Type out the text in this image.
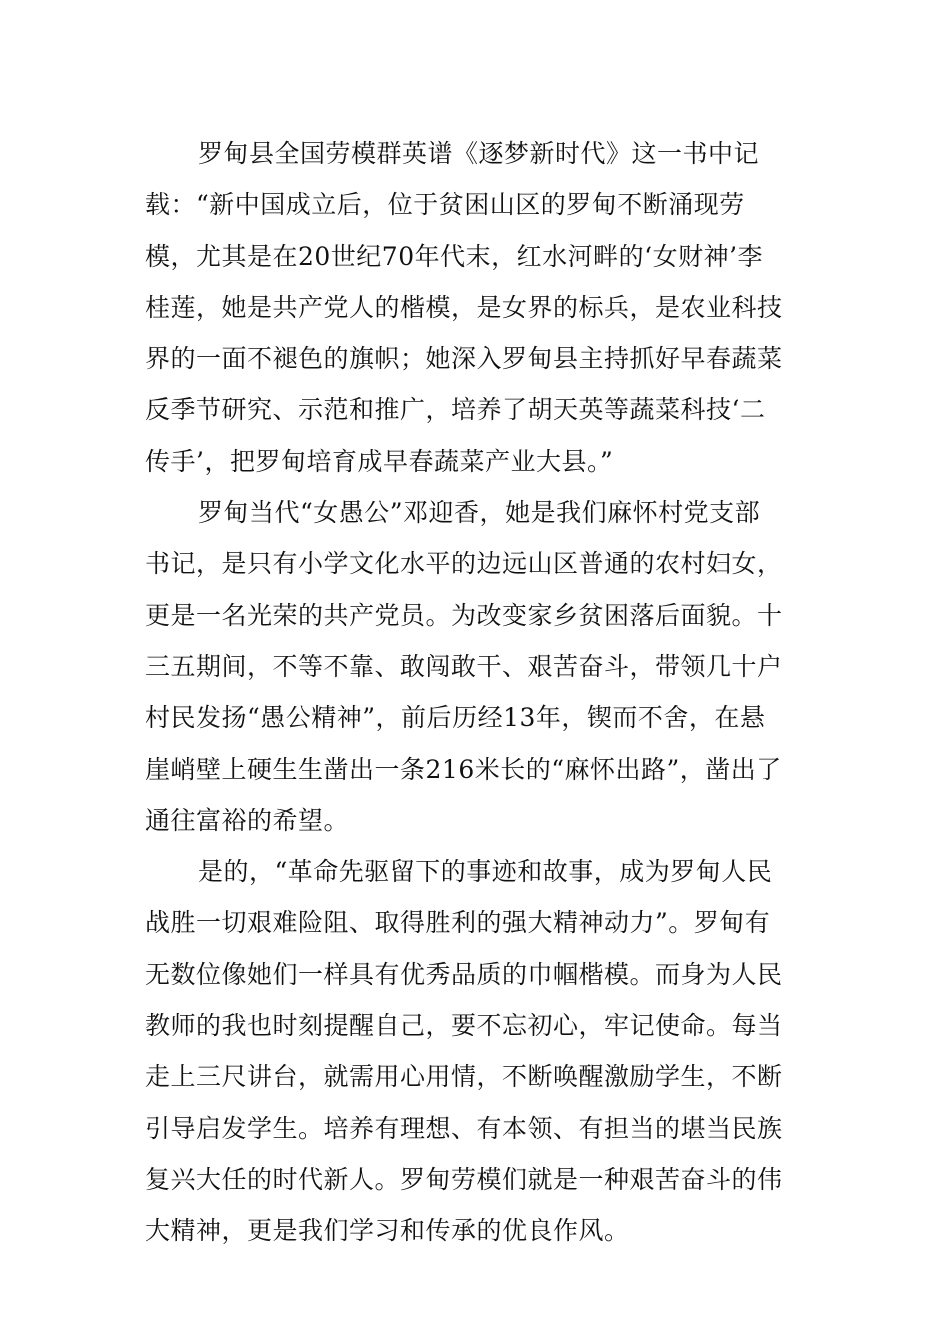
罗甸县全国劳模群英谱《逐梦新时代》这一书中记
载：“新中国成立后，位于贫困山区的罗甸不断涌现劳
模，尤其是在20世纪70年代末，红水河畔的‘女财神’李
桂莲，她是共产党人的楷模，是女界的标兵，是农业科技
界的一面不褪色的旗帜；她深入罗甸县主持抓好早春蔬菜
反季节研究、示范和推广，培养了胡天英等蔬菜科技‘二
传手’，把罗甸培育成早春蔬菜产业大县。”
罗甸当代“女愚公”邓迎香，她是我们麻怀村党支部
书记，是只有小学文化水平的边远山区普通的农村妇女，
更是一名光荣的共产党员。为改变家乡贫困落后面貌。十
三五期间，不等不靠、敢闯敢干、艰苦奋斗，带领几十户
村民发扬“愚公精神”，前后历经13年，锲而不舍，在悬
崖峭壁上硬生生凿出一条216米长的“麻怀出路”，凿出了
通往富裕的希望。
是的，“革命先驱留下的事迹和故事，成为罗甸人民
战胜一切艰难险阻、取得胜利的强大精神动力”。罗甸有
无数位像她们一样具有优秀品质的巾帼楷模。而身为人民
教师的我也时刻提醒自己，要不忘初心，牢记使命。每当
走上三尺讲台，就需用心用情，不断唤醒激励学生，不断
引导启发学生。培养有理想、有本领、有担当的堪当民族
复兴大任的时代新人。罗甸劳模们就是一种艰苦奋斗的伟
大精神，更是我们学习和传承的优良作风。
